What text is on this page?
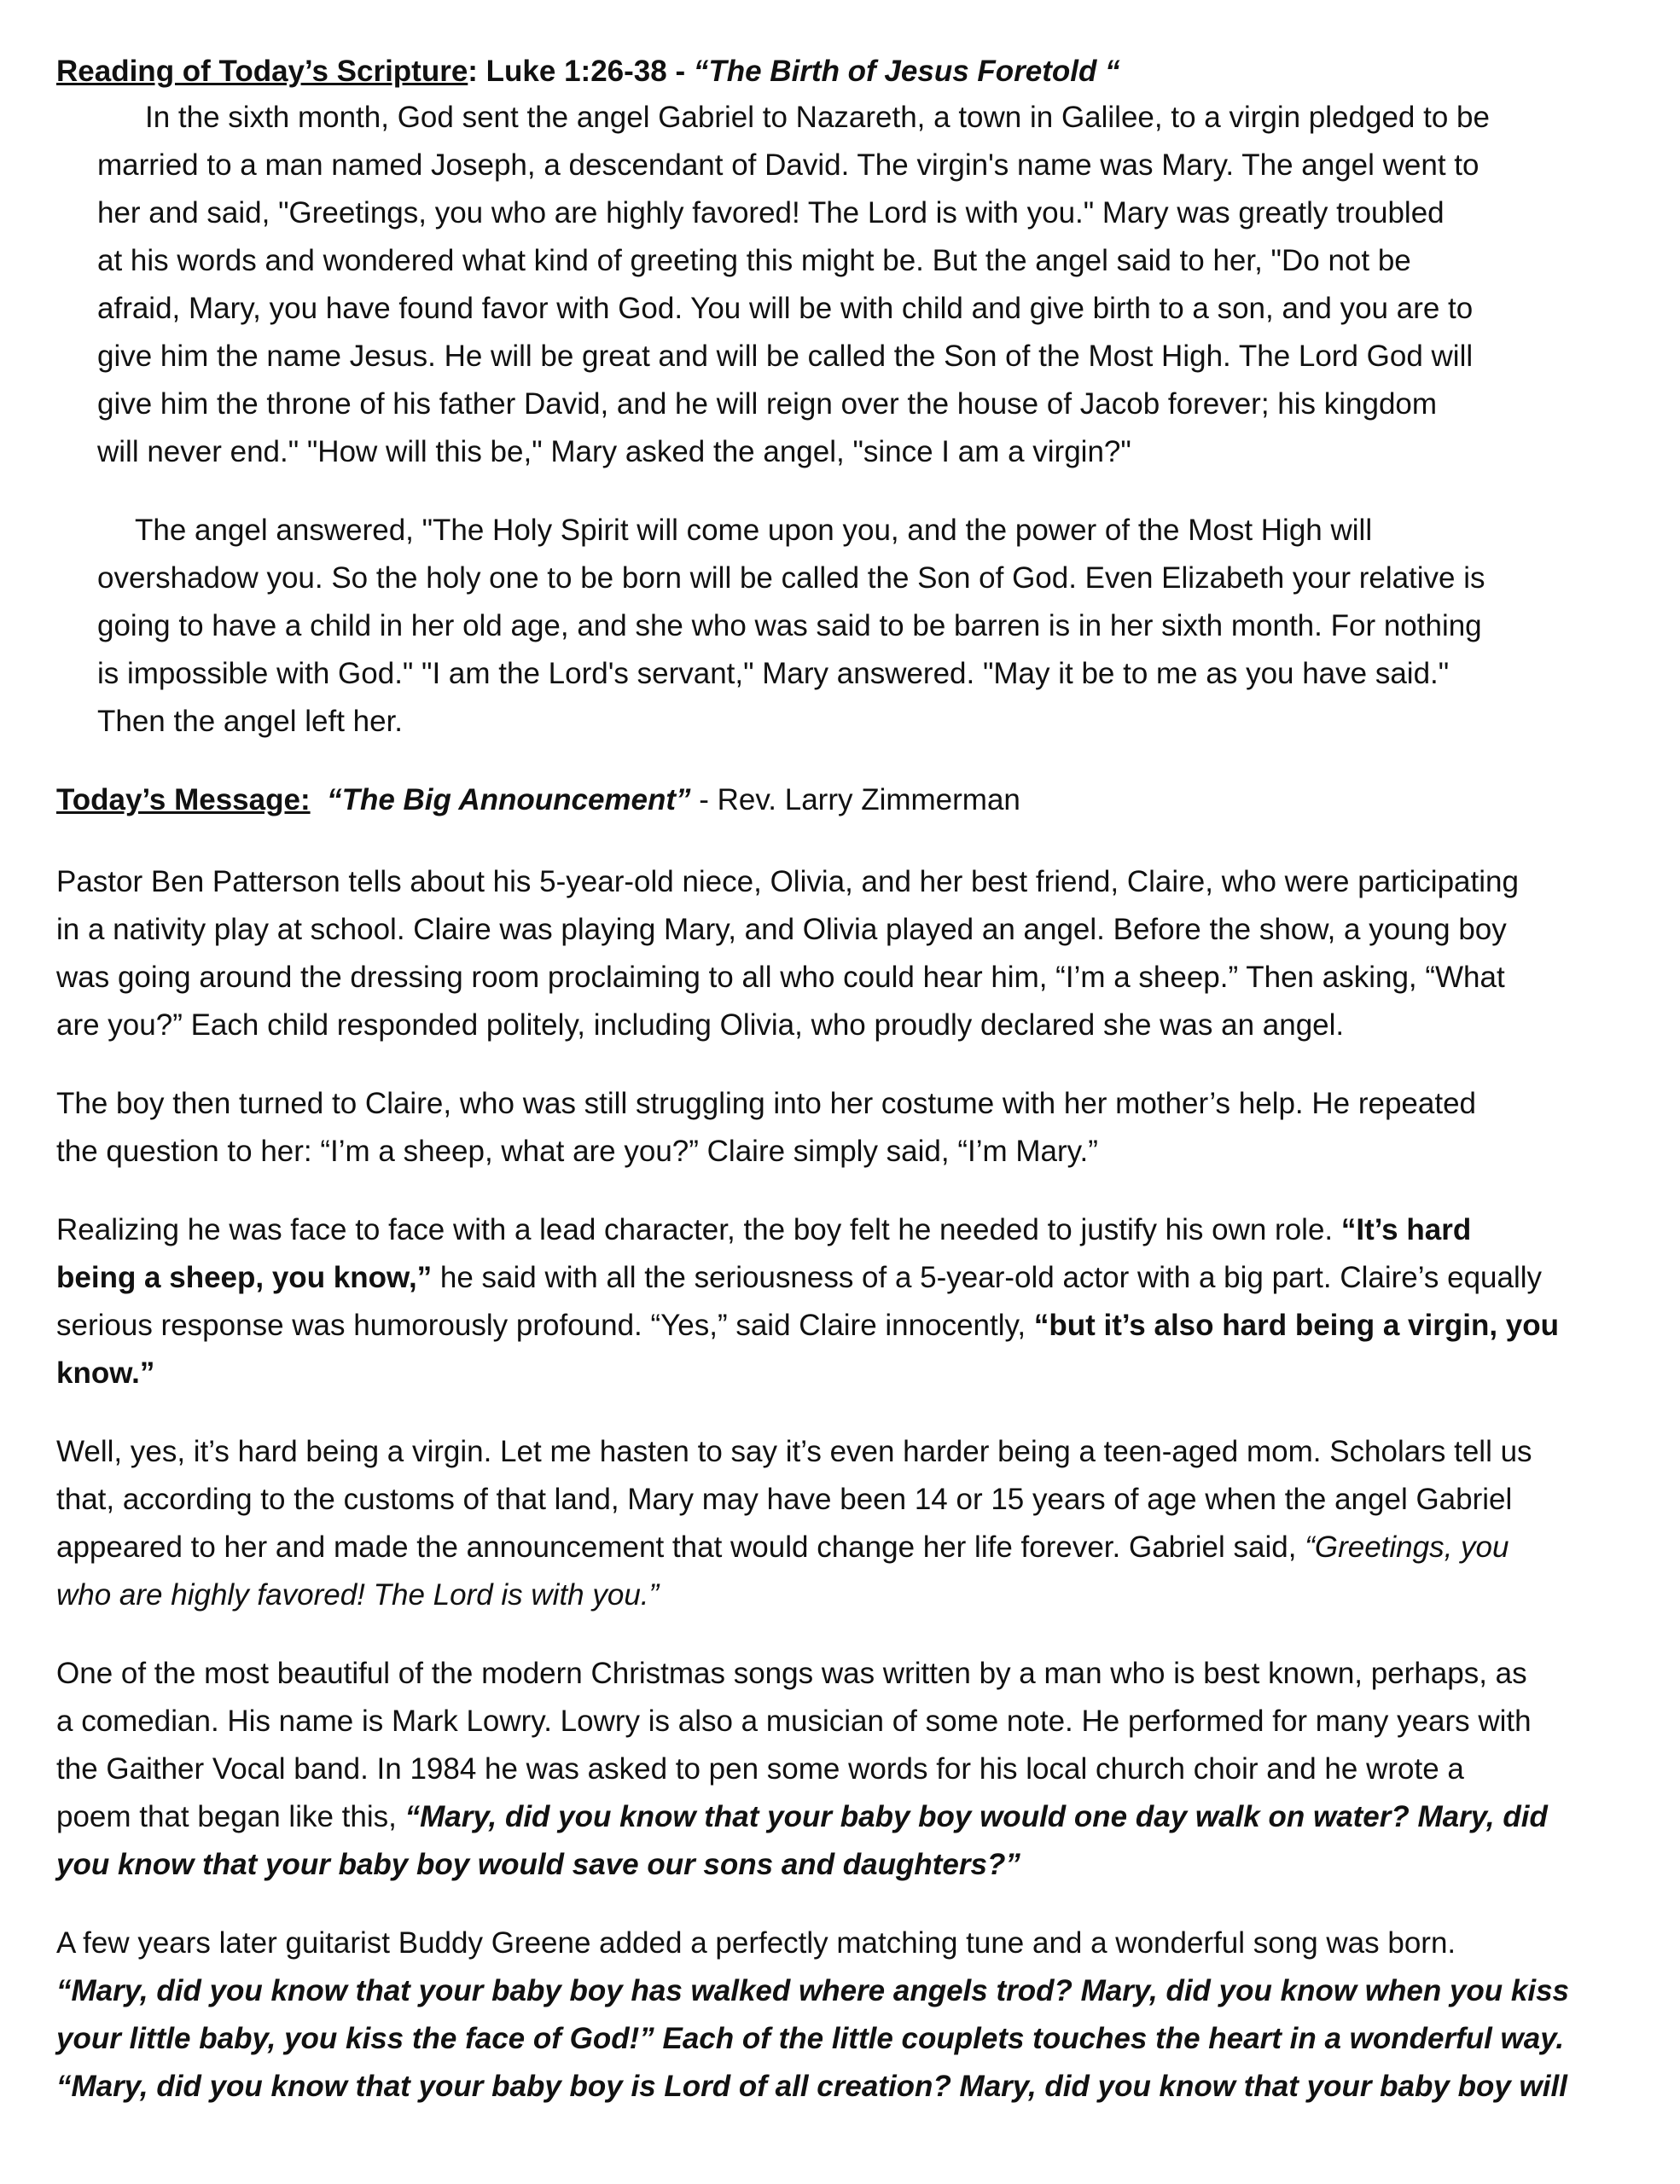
Reading of Today’s Scripture: Luke 1:26-38 - “The Birth of Jesus Foretold “
In the sixth month, God sent the angel Gabriel to Nazareth, a town in Galilee, to a virgin pledged to be
married to a man named Joseph, a descendant of David. The virgin's name was Mary. The angel went to
her and said, "Greetings, you who are highly favored! The Lord is with you." Mary was greatly troubled
at his words and wondered what kind of greeting this might be. But the angel said to her, "Do not be
afraid, Mary, you have found favor with God. You will be with child and give birth to a son, and you are to
give him the name Jesus. He will be great and will be called the Son of the Most High. The Lord God will
give him the throne of his father David, and he will reign over the house of Jacob forever; his kingdom
will never end." "How will this be," Mary asked the angel, "since I am a virgin?"
The angel answered, "The Holy Spirit will come upon you, and the power of the Most High will
overshadow you. So the holy one to be born will be called the Son of God. Even Elizabeth your relative is
going to have a child in her old age, and she who was said to be barren is in her sixth month. For nothing
is impossible with God." "I am the Lord's servant," Mary answered. "May it be to me as you have said."
Then the angel left her.
Today’s Message: “The Big Announcement” - Rev. Larry Zimmerman
Pastor Ben Patterson tells about his 5-year-old niece, Olivia, and her best friend, Claire, who were participating
in a nativity play at school. Claire was playing Mary, and Olivia played an angel. Before the show, a young boy
was going around the dressing room proclaiming to all who could hear him, “I’m a sheep.” Then asking, “What
are you?” Each child responded politely, including Olivia, who proudly declared she was an angel.
The boy then turned to Claire, who was still struggling into her costume with her mother’s help. He repeated
the question to her: “I’m a sheep, what are you?” Claire simply said, “I’m Mary.”
Realizing he was face to face with a lead character, the boy felt he needed to justify his own role. “It’s hard
being a sheep, you know,” he said with all the seriousness of a 5-year-old actor with a big part. Claire’s equally
serious response was humorously profound. “Yes,” said Claire innocently, “but it’s also hard being a virgin, you
know.”
Well, yes, it’s hard being a virgin. Let me hasten to say it’s even harder being a teen-aged mom. Scholars tell us
that, according to the customs of that land, Mary may have been 14 or 15 years of age when the angel Gabriel
appeared to her and made the announcement that would change her life forever. Gabriel said, “Greetings, you
who are highly favored! The Lord is with you.”
One of the most beautiful of the modern Christmas songs was written by a man who is best known, perhaps, as
a comedian. His name is Mark Lowry. Lowry is also a musician of some note. He performed for many years with
the Gaither Vocal band. In 1984 he was asked to pen some words for his local church choir and he wrote a
poem that began like this, “Mary, did you know that your baby boy would one day walk on water? Mary, did
you know that your baby boy would save our sons and daughters?”
A few years later guitarist Buddy Greene added a perfectly matching tune and a wonderful song was born.
“Mary, did you know that your baby boy has walked where angels trod? Mary, did you know when you kiss
your little baby, you kiss the face of God!” Each of the little couplets touches the heart in a wonderful way.
“Mary, did you know that your baby boy is Lord of all creation? Mary, did you know that your baby boy will
